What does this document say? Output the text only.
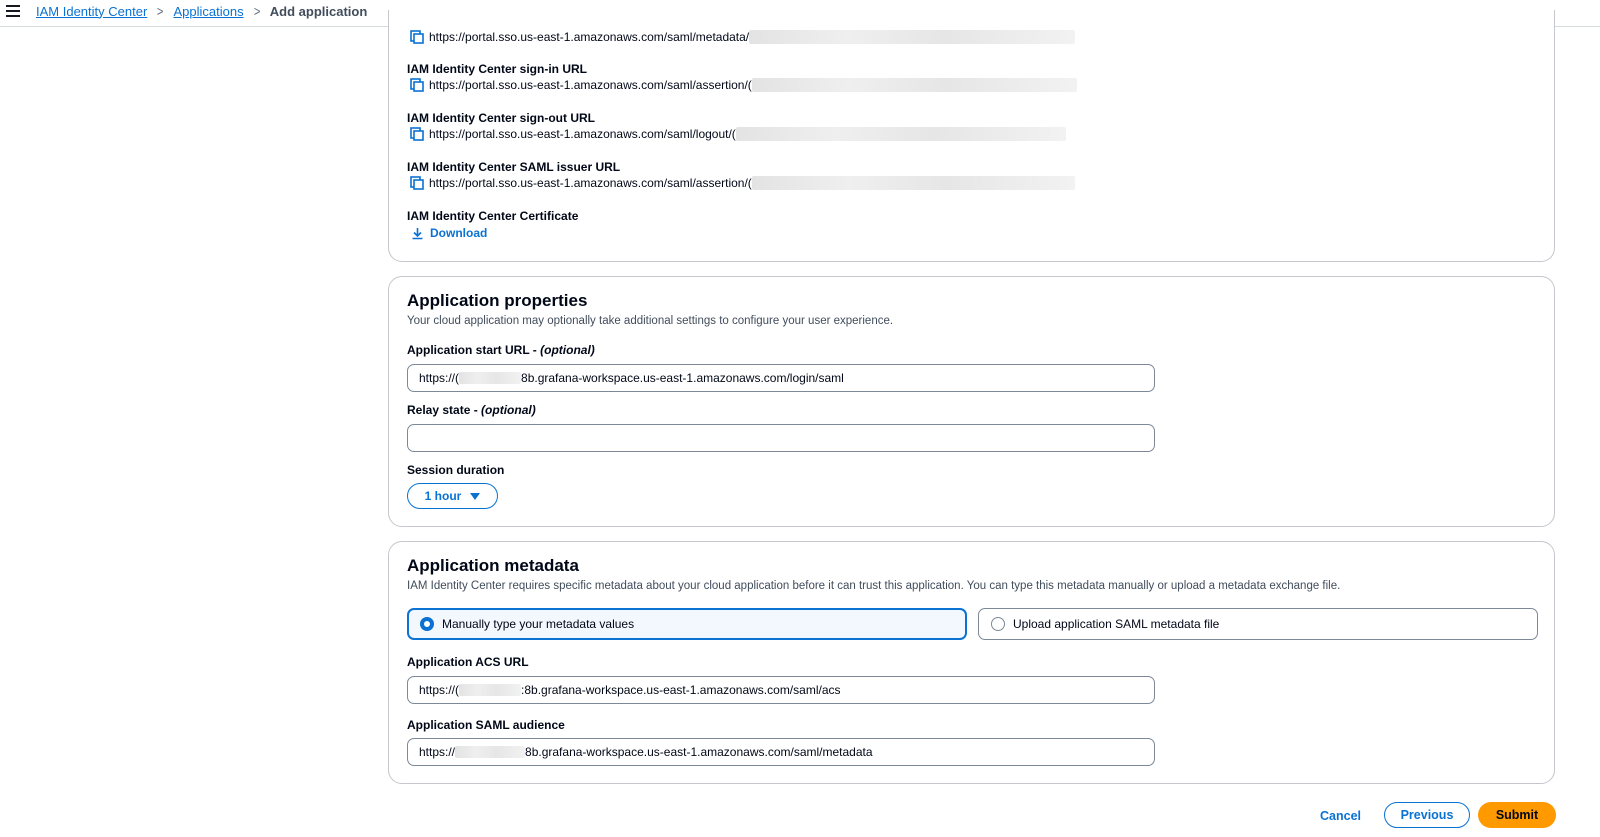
IAM Identity Center > Applications > Add application
https://portal.sso.us-east-1.amazonaws.com/saml/metadata/
IAM Identity Center sign-in URL
https://portal.sso.us-east-1.amazonaws.com/saml/assertion/(
IAM Identity Center sign-out URL
https://portal.sso.us-east-1.amazonaws.com/saml/logout/(
IAM Identity Center SAML issuer URL
https://portal.sso.us-east-1.amazonaws.com/saml/assertion/(
IAM Identity Center Certificate
Download
Application properties
Your cloud application may optionally take additional settings to configure your user experience.
Application start URL - (optional)
https://(	8b.grafana-workspace.us-east-1.amazonaws.com/login/saml
Relay state - (optional)
Session duration
1 hour
Application metadata
IAM Identity Center requires specific metadata about your cloud application before it can trust this application. You can type this metadata manually or upload a metadata exchange file.
Manually type your metadata values	Upload application SAML metadata file
Application ACS URL
https://(	:8b.grafana-workspace.us-east-1.amazonaws.com/saml/acs
Application SAML audience
https://	8b.grafana-workspace.us-east-1.amazonaws.com/saml/metadata
Cancel	Previous	Submit
